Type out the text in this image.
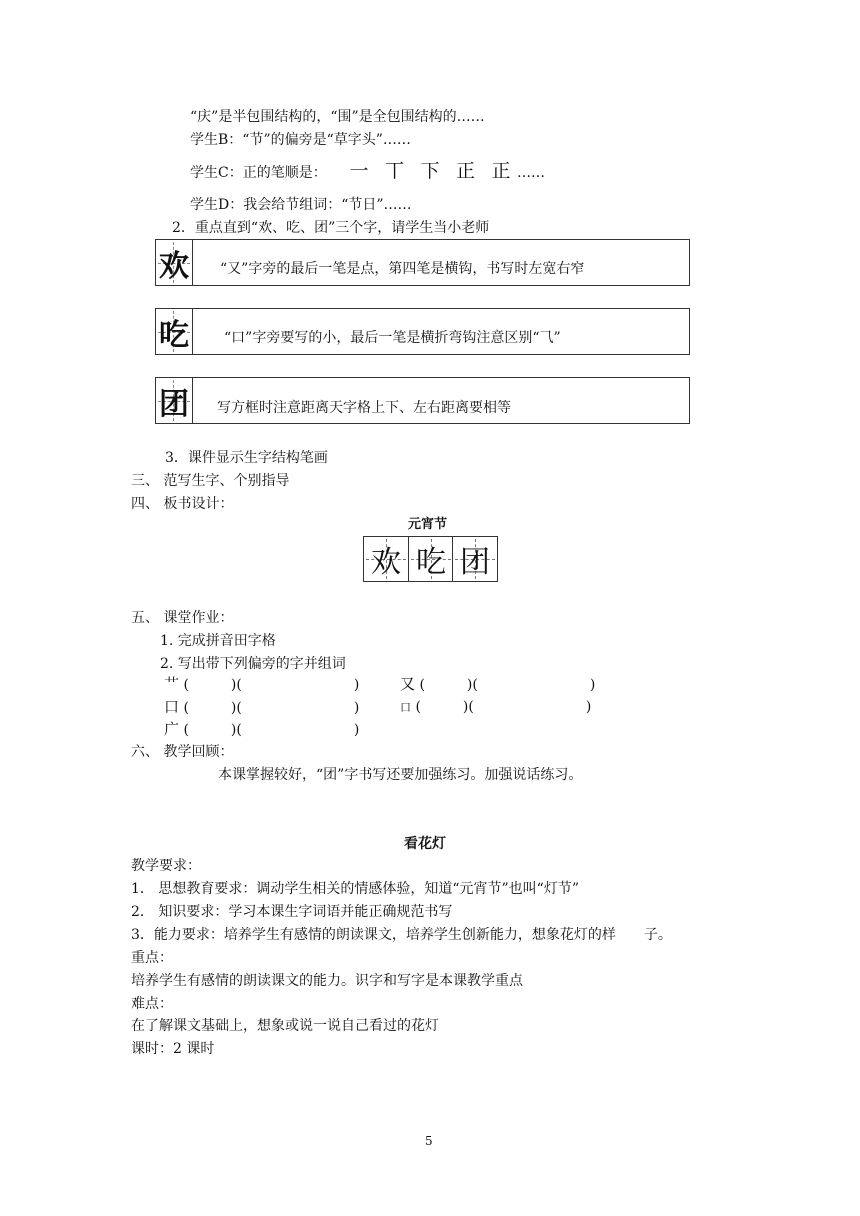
“庆”是半包围结构的，“围”是全包围结构的……
学生B：“节”的偏旁是“草字头”……
学生C：正的笔顺是： 一 丅 下 正 正 ……
学生D：我会给节组词：“节日”……
2．重点直到“欢、吃、团”三个字，请学生当小老师
欢 “又”字旁的最后一笔是点，第四笔是横钩，书写时左宽右窄
吃	“口”字旁要写的小，最后一笔是横折弯钩注意区别“⺄”
团 写方框时注意距离天字格上下、左右距离要相等
3．课件显示生字结构笔画
三、 范写生字、个别指导
四、 板书设计：
元宵节
欢 吃 团
五、 课堂作业：
1. 完成拼音田字格
2. 写出带下列偏旁的字并组词
艹 (　　　)(　　　　　　　　)	又 (　　　)(　　　　　　　　)
口 (　　　)(　　　　　　　　)	口 (　　　)(　　　　　　　　)
广 (　　　)(　　　　　　　　)
六、 教学回顾：
本课掌握较好，“团”字书写还要加强练习。加强说话练习。
看花灯
教学要求：
1． 思想教育要求：调动学生相关的情感体验，知道“元宵节”也叫“灯节”
2． 知识要求：学习本课生字词语并能正确规范书写
3．能力要求：培养学生有感情的朗读课文，培养学生创新能力，想象花灯的样　　子。
重点：
培养学生有感情的朗读课文的能力。识字和写字是本课教学重点
难点：
在了解课文基础上，想象或说一说自己看过的花灯
课时：2 课时
5
